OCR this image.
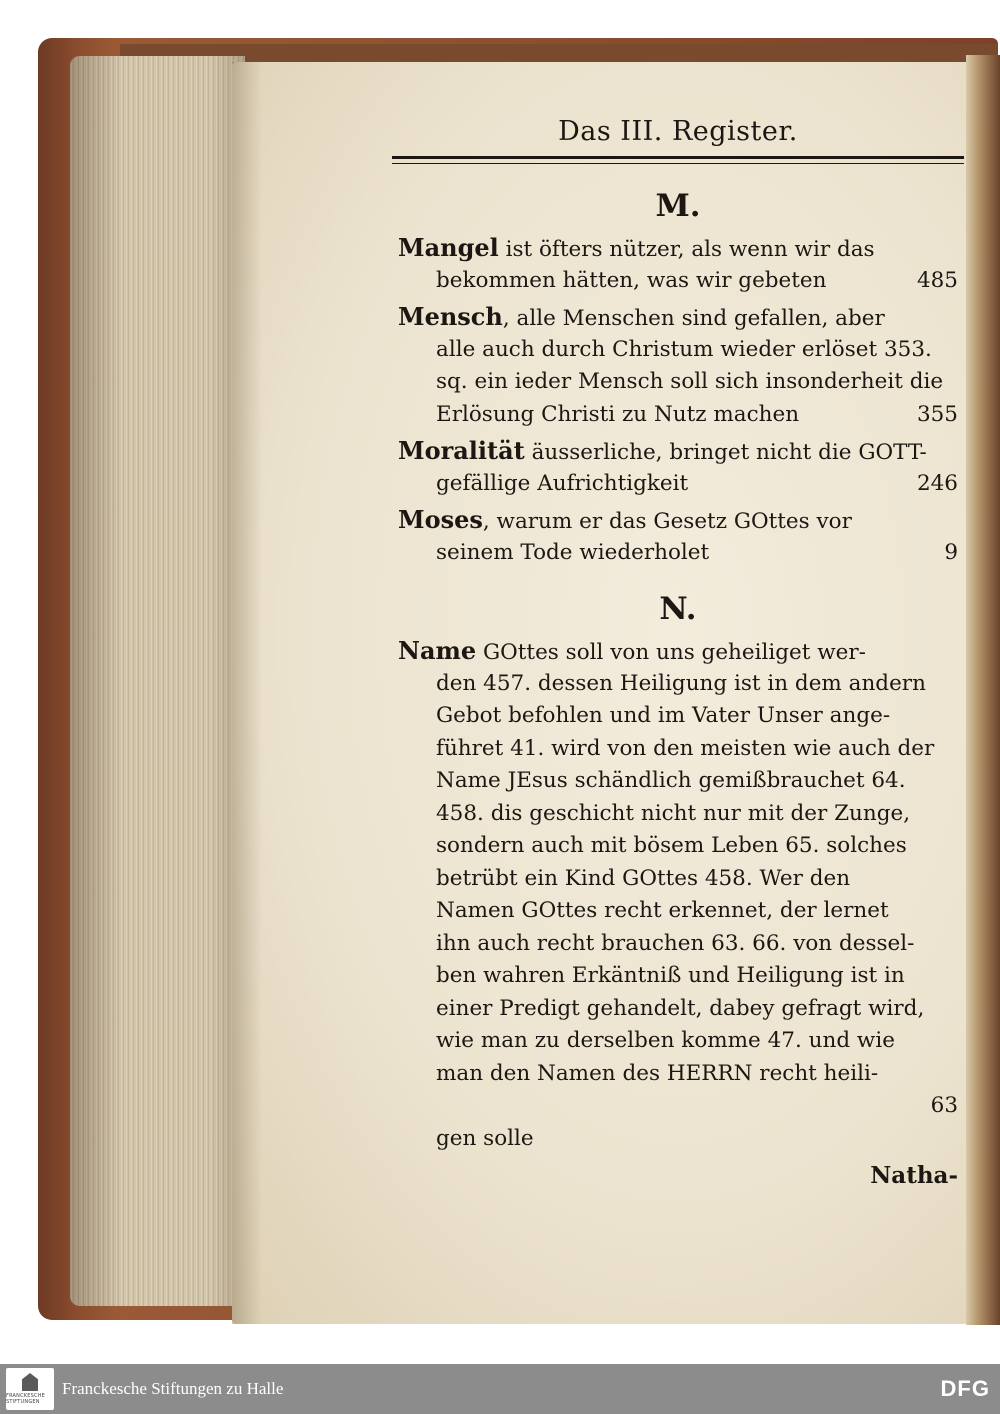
Das III. Register.
M.
Mangel ist öfters nützer, als wenn wir das
bekommen hätten, was wir gebeten	485
Mensch, alle Menschen sind gefallen, aber
alle auch durch Christum wieder erlöset 353.
sq. ein ieder Mensch soll sich insonderheit die
Erlösung Christi zu Nutz machen	355
Moralität äusserliche, bringet nicht die GOTT-
gefällige Aufrichtigkeit	246
Moses, warum er das Gesetz GOttes vor
seinem Tode wiederholet	9
N.
Name GOttes soll von uns geheiliget wer-
den 457. dessen Heiligung ist in dem andern
Gebot befohlen und im Vater Unser ange-
führet 41. wird von den meisten wie auch der
Name JEsus schändlich gemißbrauchet 64.
458. dis geschicht nicht nur mit der Zunge,
sondern auch mit bösem Leben 65. solches
betrübt ein Kind GOttes 458. Wer den
Namen GOttes recht erkennet, der lernet
ihn auch recht brauchen 63. 66. von dessel-
ben wahren Erkäntniß und Heiligung ist in
einer Predigt gehandelt, dabey gefragt wird,
wie man zu derselben komme 47. und wie
man den Namen des HERRN recht heili-
63
gen solle
Natha-
FRANCKESCHE STIFTUNGEN
Franckesche Stiftungen zu Halle	DFG
